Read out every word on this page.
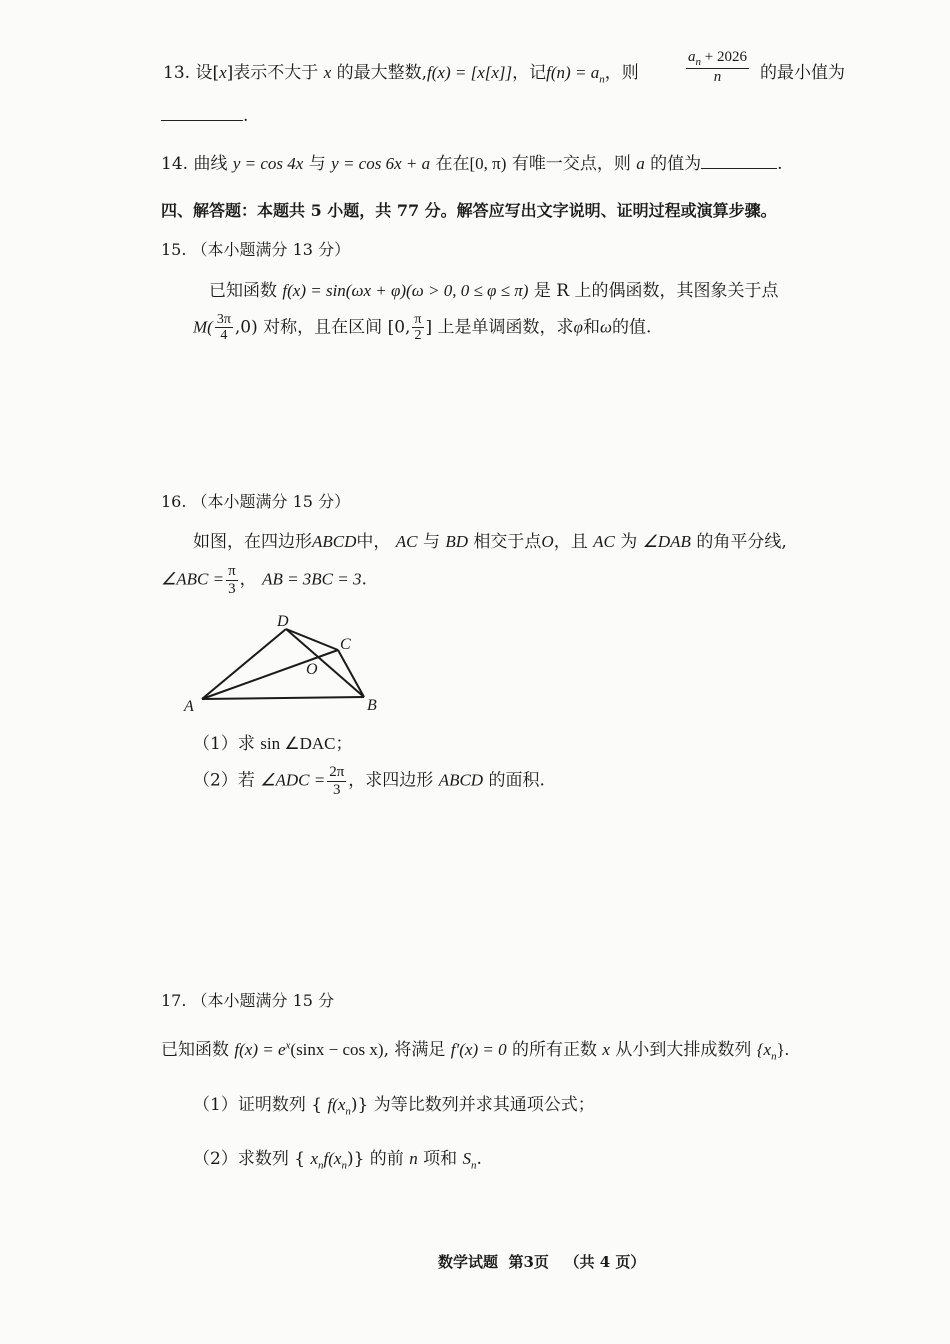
13. 设[x]表示不大于 x 的最大整数,f(x) = [x[x]]，记$f(n) = a_n$，则	$\frac{a_n + 2026}{n}$ 的最小值为
.
14. 曲线 y = cos 4x 与 y = cos 6x + a 在在[0, π) 有唯一交点，则 a 的值为	.
四、解答题：本题共 5 小题，共 77 分。解答应写出文字说明、证明过程或演算步骤。
15. （本小题满分 13 分）
已知函数 f(x) = sin(ωx + φ)(ω > 0, 0 ≤ φ ≤ π) 是 R 上的偶函数，其图象关于点
$M( \frac{3\pi}{4} ,0)$ 对称，且在区间 [0, $\frac{\pi}{2}$ ] 上是单调函数，求φ和ω的值.
16. （本小题满分 15 分）
如图，在四边形ABCD中， AC 与 BD 相交于点O，且 AC 为 ∠DAB 的角平分线,
∠ABC = $\frac{\pi}{3}$ ， AB = 3BC = 3.
A	B
C
D
O
（1）求 sin ∠DAC；
（2）若 ∠ADC = $\frac{2\pi}{3}$ ，求四边形 ABCD 的面积.
17. （本小题满分 15 分
已知函数 $f(x) = e^x(\sin x - \cos x)$, 将满足 f′(x) = 0 的所有正数 x 从小到大排成数列 $\{x_n\}$.
（1）证明数列 { $f(x_n)$} 为等比数列并求其通项公式；
（2）求数列 { $x_nf(x_n)$} 的前 n 项和 $S_n$.
数学试题  第3页   （共 4 页）
